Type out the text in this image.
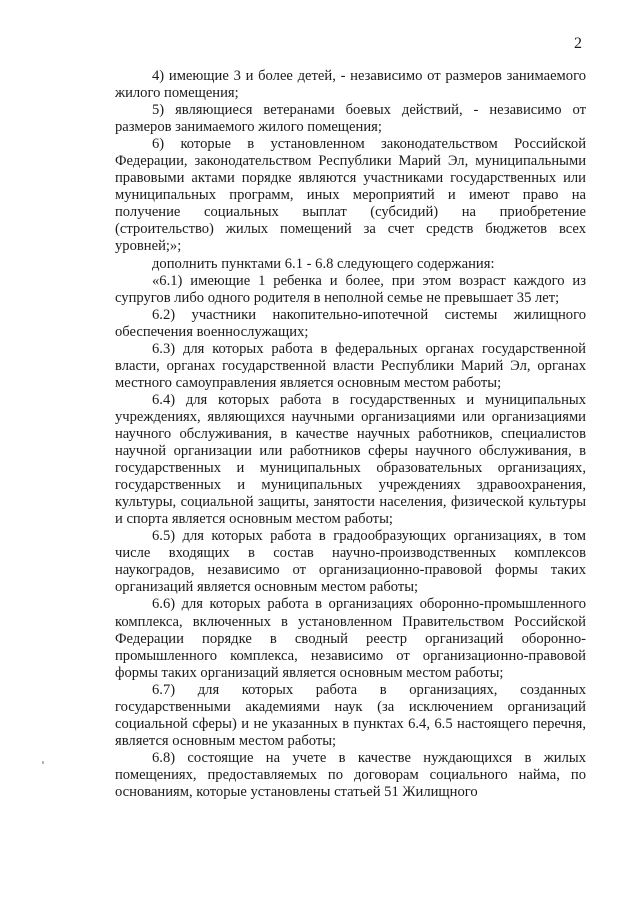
2

4) имеющие 3 и более детей, - независимо от размеров занимаемого жилого помещения;

5) являющиеся ветеранами боевых действий, - независимо от размеров занимаемого жилого помещения;

6) которые в установленном законодательством Российской Федерации, законодательством Республики Марий Эл, муниципальными правовыми актами порядке являются участниками государственных или муниципальных программ, иных мероприятий и имеют право на получение социальных выплат (субсидий) на приобретение (строительство) жилых помещений за счет средств бюджетов всех уровней;»;

дополнить пунктами 6.1 - 6.8 следующего содержания:

«6.1) имеющие 1 ребенка и более, при этом возраст каждого из супругов либо одного родителя в неполной семье не превышает 35 лет;

6.2) участники накопительно-ипотечной системы жилищного обеспечения военнослужащих;

6.3) для которых работа в федеральных органах государственной власти, органах государственной власти Республики Марий Эл, органах местного самоуправления является основным местом работы;

6.4) для которых работа в государственных и муниципальных учреждениях, являющихся научными организациями или организациями научного обслуживания, в качестве научных работников, специалистов научной организации или работников сферы научного обслуживания, в государственных и муниципальных образовательных организациях, государственных и муниципальных учреждениях здравоохранения, культуры, социальной защиты, занятости населения, физической культуры и спорта является основным местом работы;

6.5) для которых работа в градообразующих организациях, в том числе входящих в состав научно-производственных комплексов наукоградов, независимо от организационно-правовой формы таких организаций является основным местом работы;

6.6) для которых работа в организациях оборонно-промышленного комплекса, включенных в установленном Правительством Российской Федерации порядке в сводный реестр организаций оборонно-промышленного комплекса, независимо от организационно-правовой формы таких организаций является основным местом работы;

6.7) для которых работа в организациях, созданных государственными академиями наук (за исключением организаций социальной сферы) и не указанных в пунктах 6.4, 6.5 настоящего перечня, является основным местом работы;

6.8) состоящие на учете в качестве нуждающихся в жилых помещениях, предоставляемых по договорам социального найма, по основаниям, которые установлены статьей 51 Жилищного
